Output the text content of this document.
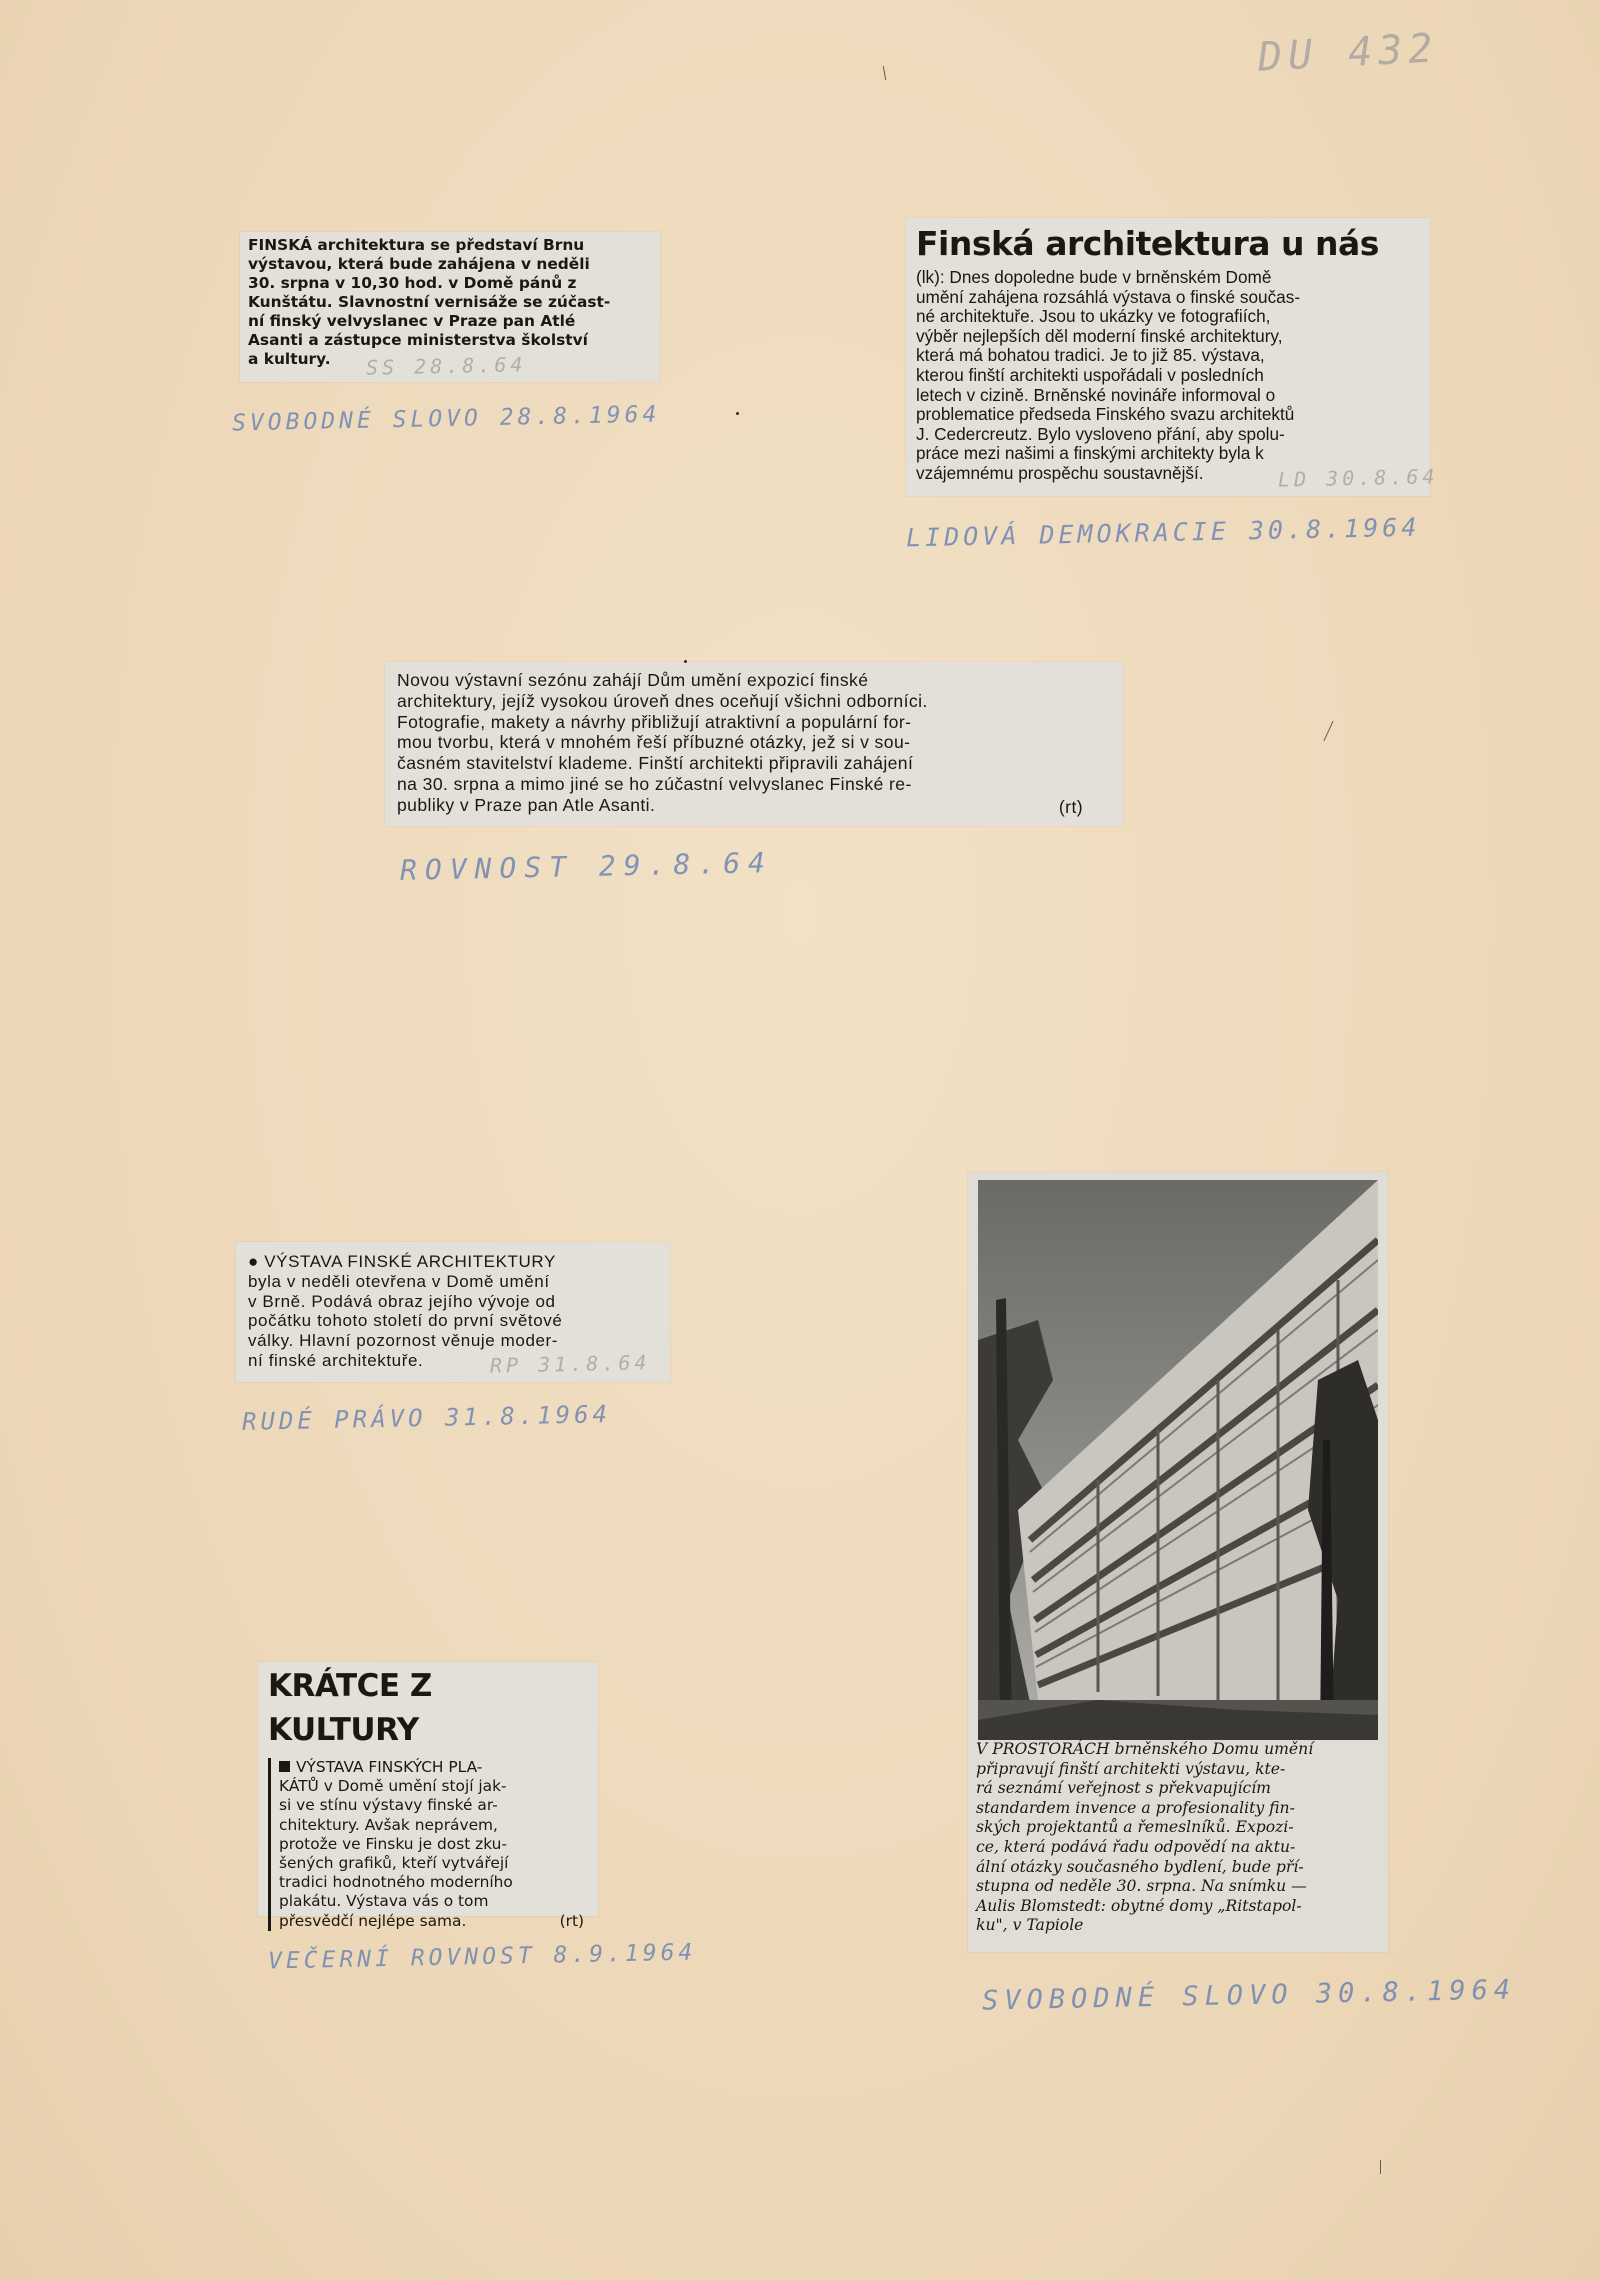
DU 432

FINSKÁ architektura se představí Brnu
výstavou, která bude zahájena v neděli
30. srpna v 10,30 hod. v Domě pánů z
Kunštátu. Slavnostní vernisáže se zúčast-
ní finský velvyslanec v Praze pan Atlé
Asanti a zástupce ministerstva školství
a kultury.	SS 28.8.64
SVOBODNÉ SLOVO 28.8.1964
Finská architektura u nás

(lk): Dnes dopoledne bude v brněnském Domě
umění zahájena rozsáhlá výstava o finské součas-
né architektuře. Jsou to ukázky ve fotografiích,
výběr nejlepších děl moderní finské architektury,
která má bohatou tradici. Je to již 85. výstava,
kterou finští architekti uspořádali v posledních
letech v cizině. Brněnské novináře informoval o
problematice předseda Finského svazu architektů
J. Cedercreutz. Bylo vysloveno přání, aby spolu-
práce mezi našimi a finskými architekty byla k
vzájemnému prospěchu soustavnější.	LD 30.8.64
LIDOVÁ DEMOKRACIE 30.8.1964

Novou výstavní sezónu zahájí Dům umění expozicí finské
architektury, jejíž vysokou úroveň dnes oceňují všichni odborníci.
Fotografie, makety a návrhy přibližují atraktivní a populární for-
mou tvorbu, která v mnohém řeší příbuzné otázky, jež si v sou-
časném stavitelství klademe. Finští architekti připravili zahájení
na 30. srpna a mimo jiné se ho zúčastní velvyslanec Finské re-
publiky v Praze pan Atle Asanti.	(rt)
ROVNOST 29.8.64

● VÝSTAVA FINSKÉ ARCHITEKTURY
byla v neděli otevřena v Domě umění
v Brně. Podává obraz jejího vývoje od
počátku tohoto století do první světové
války. Hlavní pozornost věnuje moder-
ní finské architektuře.	RP 31.8.64
RUDÉ PRÁVO 31.8.1964
KRÁTCE Z KULTURY
VÝSTAVA FINSKÝCH PLA-
KÁTŮ v Domě umění stojí jak-
si ve stínu výstavy finské ar-
chitektury. Avšak neprávem,
protože ve Finsku je dost zku-
šených grafiků, kteří vytvářejí
tradici hodnotného moderního
plakátu. Výstava vás o tom
přesvědčí nejlépe sama.	(rt)
VEČERNÍ ROVNOST 8.9.1964

V PROSTORÁCH brněnského Domu umění
připravují finští architekti výstavu, kte-
rá seznámí veřejnost s překvapujícím
standardem invence a profesionality fin-
ských projektantů a řemeslníků. Expozi-
ce, která podává řadu odpovědí na aktu-
ální otázky současného bydlení, bude pří-
stupna od neděle 30. srpna. Na snímku —
Aulis Blomstedt: obytné domy „Ritstapol-
ku", v Tapiole

SVOBODNÉ SLOVO 30.8.1964
